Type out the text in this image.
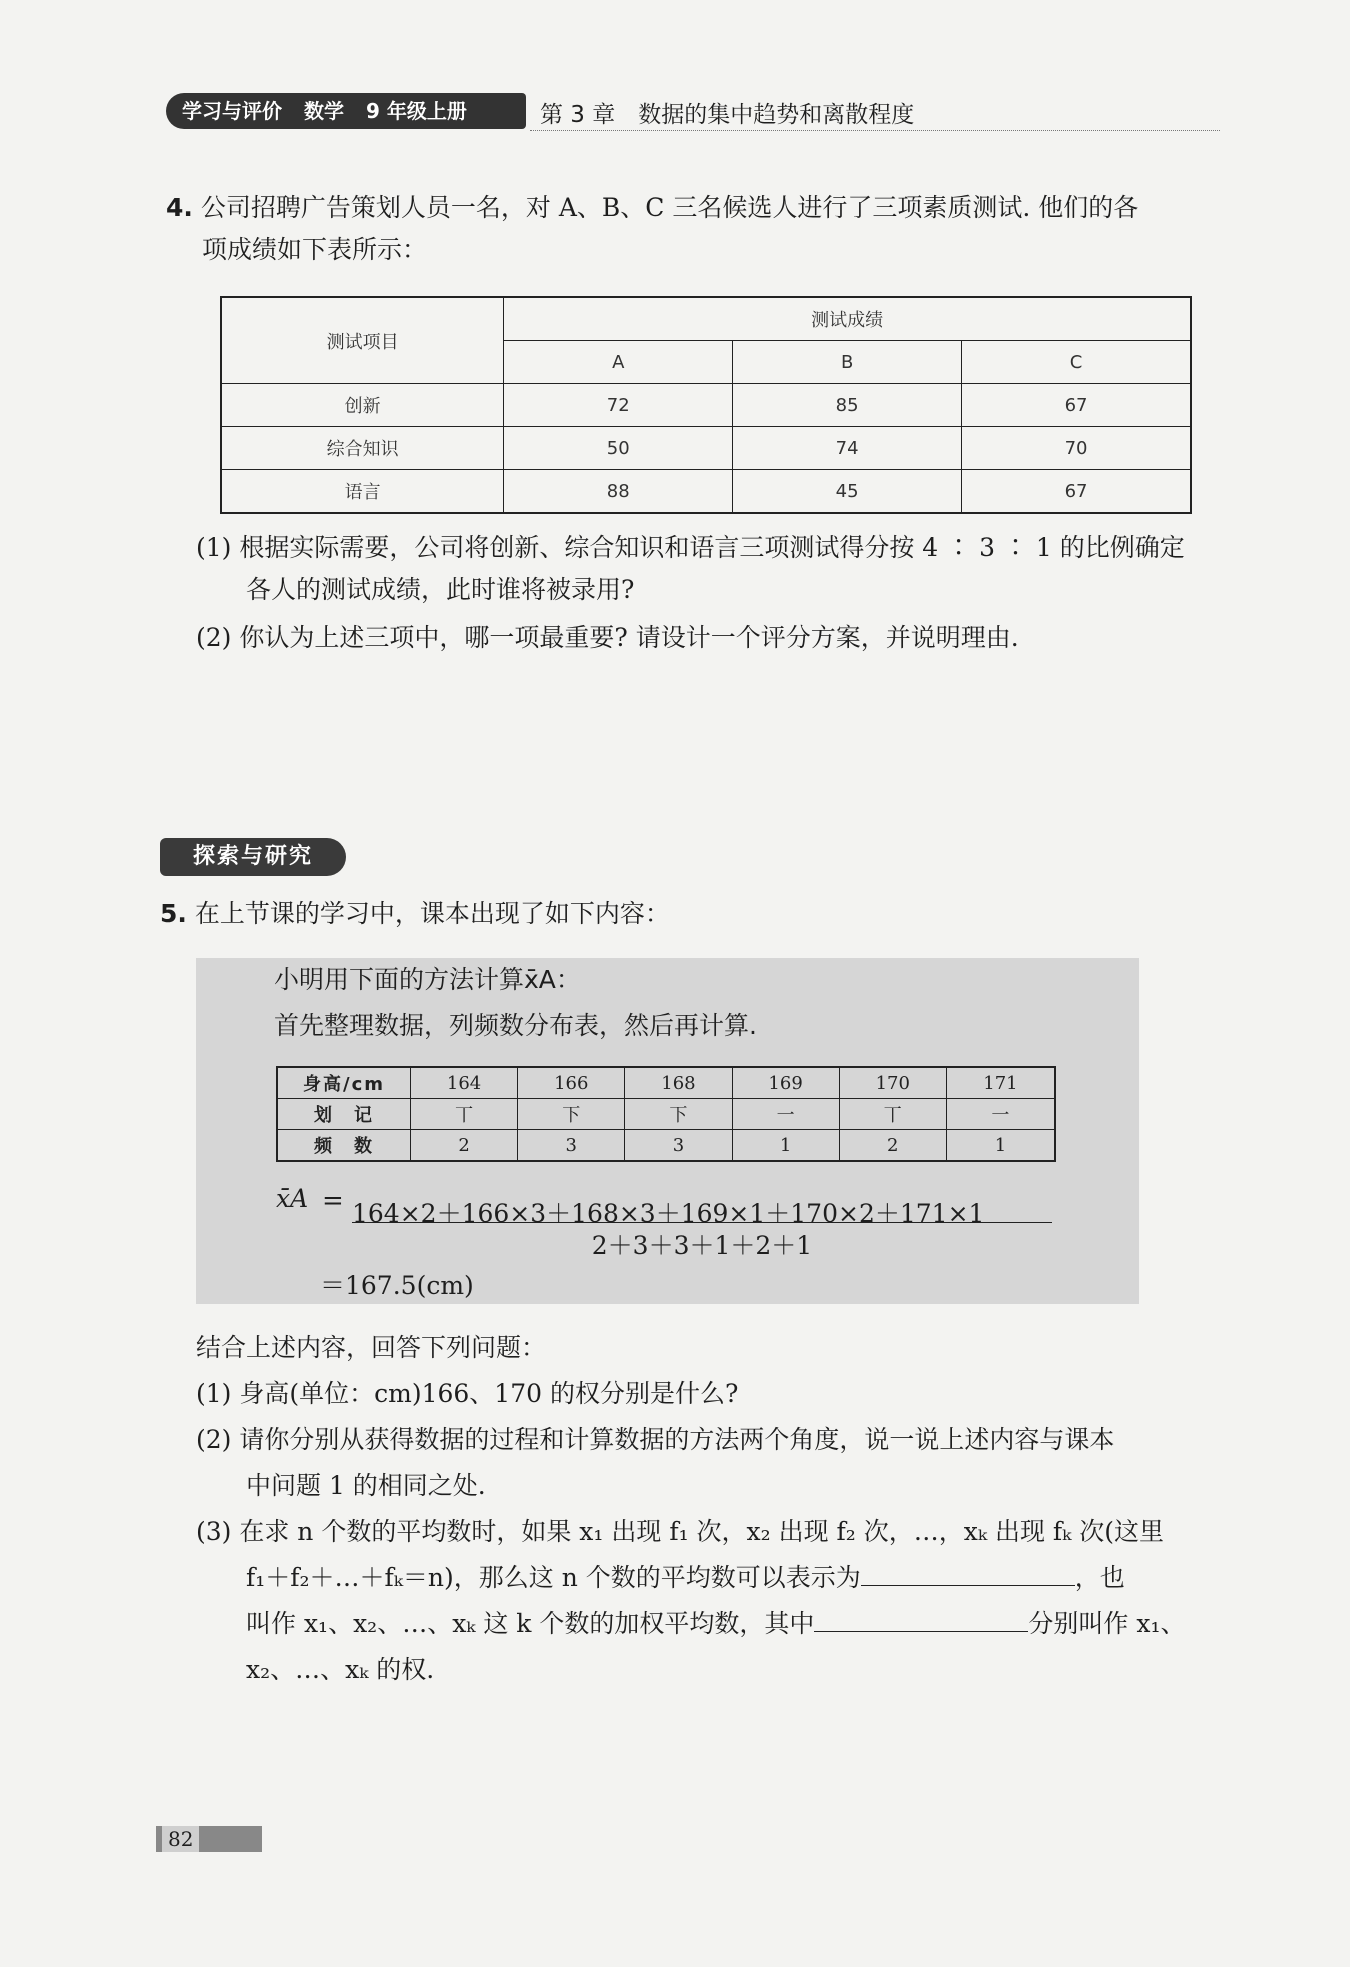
学习与评价 数学 9 年级上册	第 3 章　数据的集中趋势和离散程度
4. 公司招聘广告策划人员一名，对 A、B、C 三名候选人进行了三项素质测试. 他们的各
项成绩如下表所示：
测试项目	测试成绩		
	A	B	C
创新	72	85	67
综合知识	50	74	70
语言	88	45	67
(1) 根据实际需要，公司将创新、综合知识和语言三项测试得分按 4 ∶ 3 ∶ 1 的比例确定
各人的测试成绩，此时谁将被录用?
(2) 你认为上述三项中，哪一项最重要? 请设计一个评分方案，并说明理由.
探索与研究
5. 在上节课的学习中，课本出现了如下内容：
小明用下面的方法计算x̄A：
首先整理数据，列频数分布表，然后再计算.
身高/cm	164	166	168	169	170	171
划　记	丅	下	下	一	丅	一
频　数	2	3	3	1	2	1
x̄A = 164×2＋166×3＋168×3＋169×1＋170×2＋171×1
2＋3＋3＋1＋2＋1
＝167.5(cm)
结合上述内容，回答下列问题：
(1) 身高(单位：cm)166、170 的权分别是什么?
(2) 请你分别从获得数据的过程和计算数据的方法两个角度，说一说上述内容与课本
中问题 1 的相同之处.
(3) 在求 n 个数的平均数时，如果 x₁ 出现 f₁ 次，x₂ 出现 f₂ 次，…，xₖ 出现 fₖ 次(这里
f₁＋f₂＋…＋fₖ＝n)，那么这 n 个数的平均数可以表示为	，也
叫作 x₁、x₂、…、xₖ 这 k 个数的加权平均数，其中	分别叫作 x₁、
x₂、…、xₖ 的权.
82
